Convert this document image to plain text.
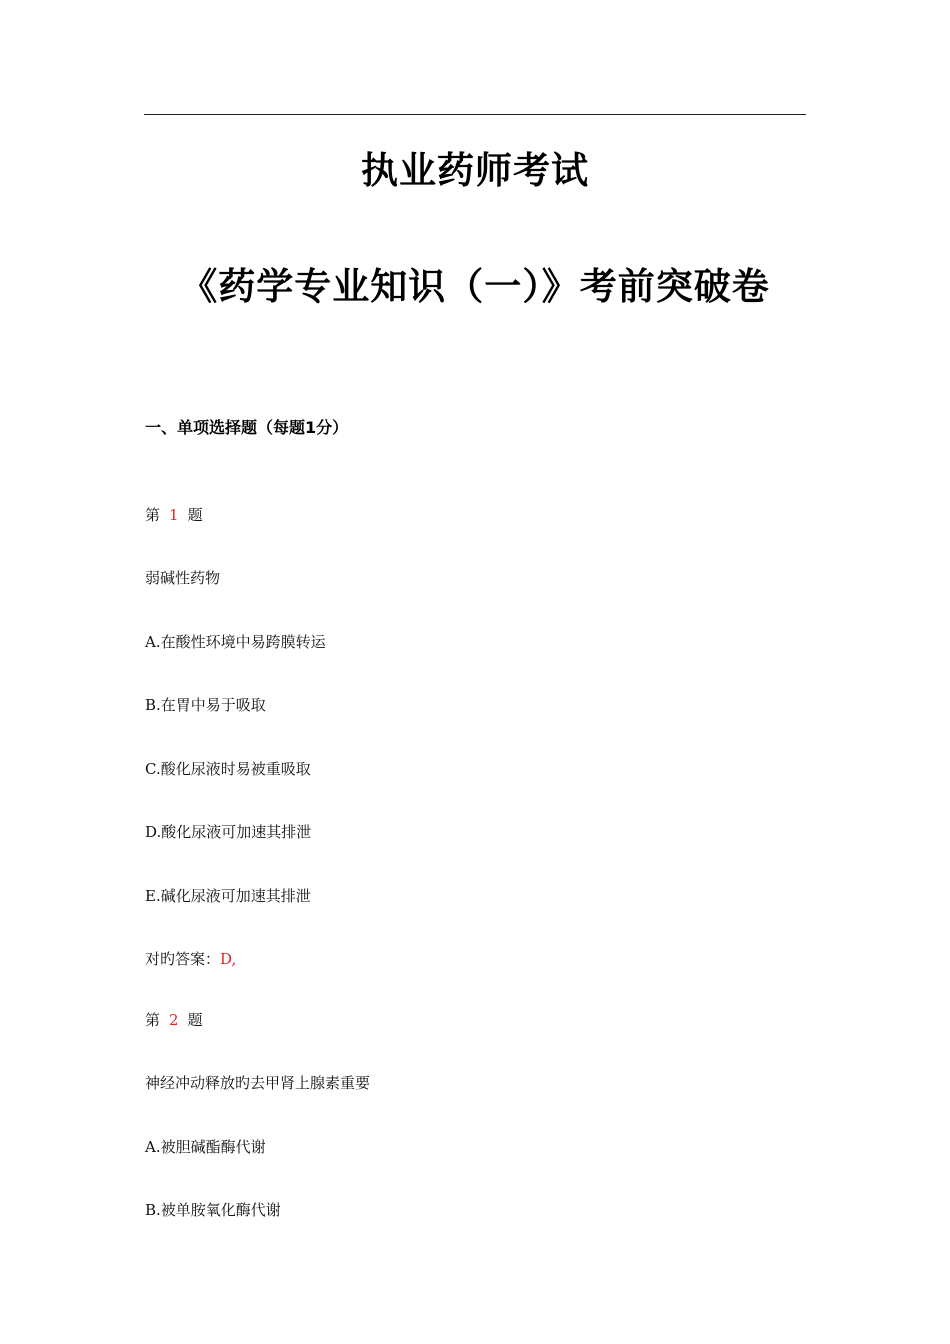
执业药师考试
《药学专业知识（一）》考前突破卷
一、单项选择题（每题1分）
第 1 题
弱碱性药物
A.在酸性环境中易跨膜转运
B.在胃中易于吸取
C.酸化尿液时易被重吸取
D.酸化尿液可加速其排泄
E.碱化尿液可加速其排泄
对旳答案：D,
第 2 题
神经冲动释放旳去甲肾上腺素重要
A.被胆碱酯酶代谢
B.被单胺氧化酶代谢
